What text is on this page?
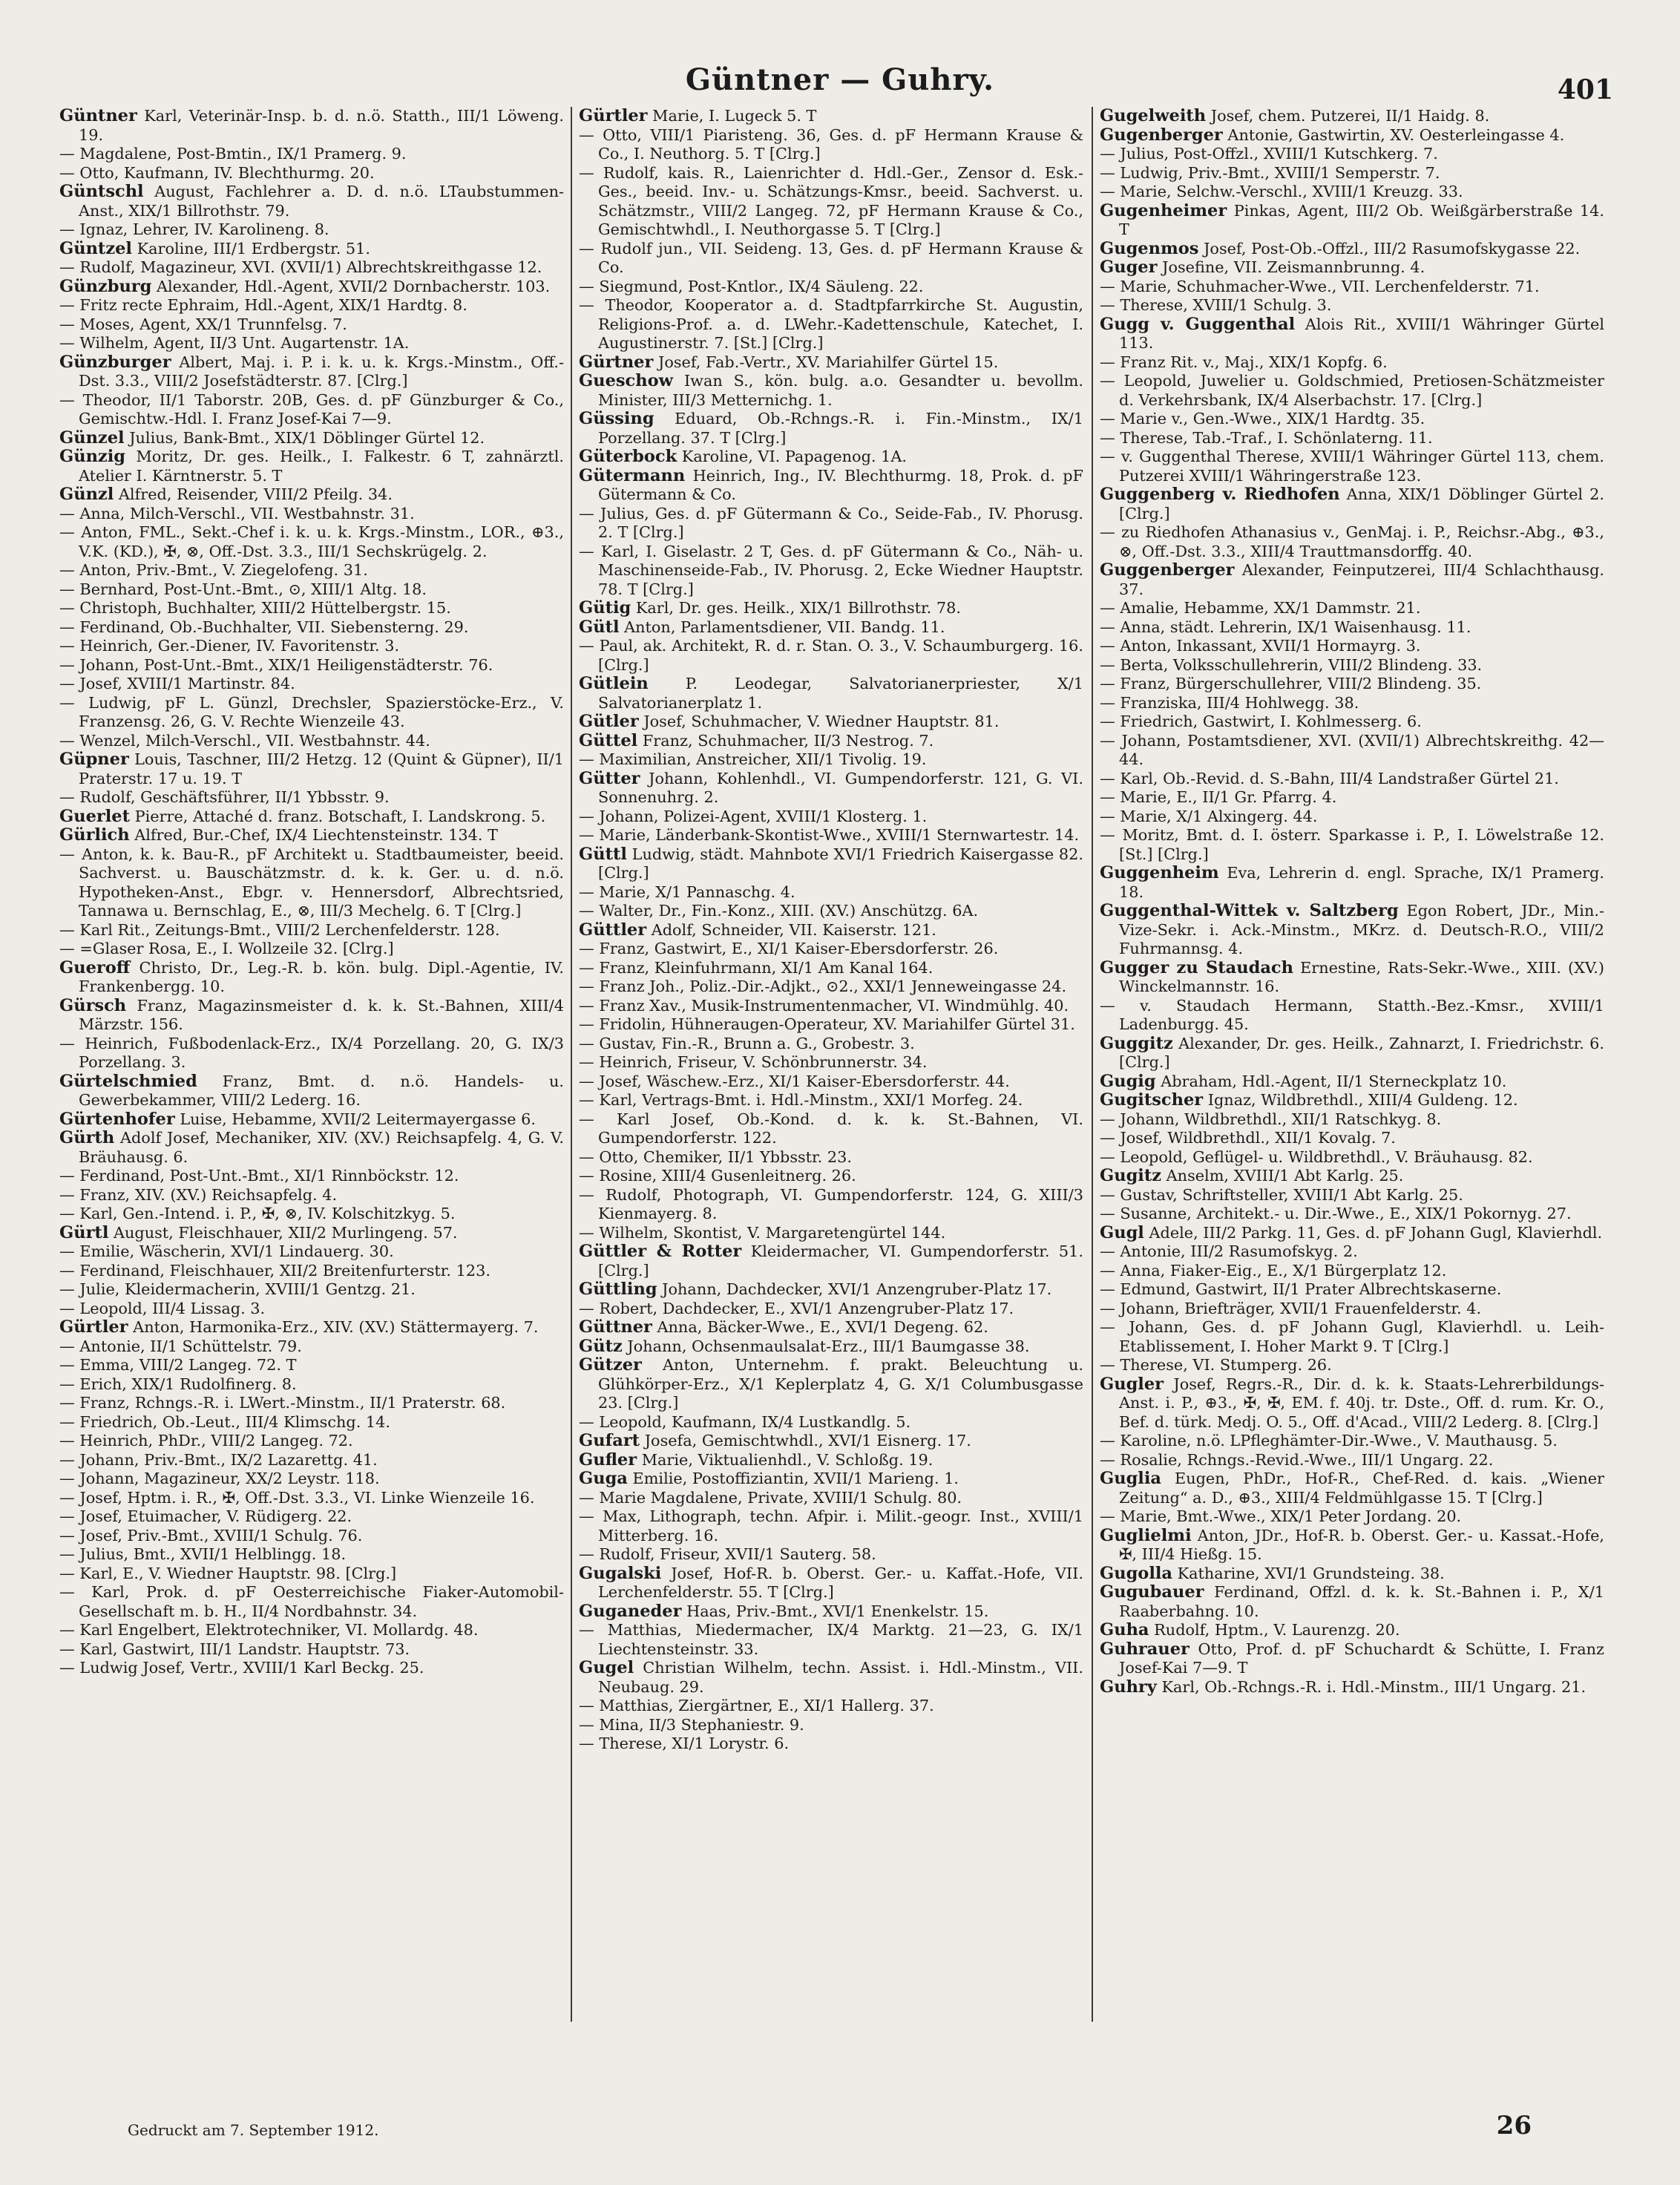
Güntner — Guhry.	401

Güntner Karl, Veterinär-Insp. b. d. n.ö. Statth., III/1 Löweng. 19.

— Magdalene, Post-Bmtin., IX/1 Pramerg. 9.

— Otto, Kaufmann, IV. Blechthurmg. 20.

Güntschl August, Fachlehrer a. D. d. n.ö. LTaubstummen-Anst., XIX/1 Billrothstr. 79.

— Ignaz, Lehrer, IV. Karolineng. 8.

Güntzel Karoline, III/1 Erdbergstr. 51.

— Rudolf, Magazineur, XVI. (XVII/1) Albrechtskreithgasse 12.

Günzburg Alexander, Hdl.-Agent, XVII/2 Dornbacherstr. 103.

— Fritz recte Ephraim, Hdl.-Agent, XIX/1 Hardtg. 8.

— Moses, Agent, XX/1 Trunnfelsg. 7.

— Wilhelm, Agent, II/3 Unt. Augartenstr. 1A.

Günzburger Albert, Maj. i. P. i. k. u. k. Krgs.-Minstm., Off.-Dst. 3.3., VIII/2 Josefstädterstr. 87. [Clrg.]

— Theodor, II/1 Taborstr. 20B, Ges. d. pF Günzburger & Co., Gemischtw.-Hdl. I. Franz Josef-Kai 7—9.

Günzel Julius, Bank-Bmt., XIX/1 Döblinger Gürtel 12.

Günzig Moritz, Dr. ges. Heilk., I. Falkestr. 6 T, zahnärztl. Atelier I. Kärntnerstr. 5. T

Günzl Alfred, Reisender, VIII/2 Pfeilg. 34.

— Anna, Milch-Verschl., VII. Westbahnstr. 31.

— Anton, FML., Sekt.-Chef i. k. u. k. Krgs.-Minstm., LOR., ⊕3., V.K. (KD.), ✠, ⊗, Off.-Dst. 3.3., III/1 Sechskrügelg. 2.

— Anton, Priv.-Bmt., V. Ziegelofeng. 31.

— Bernhard, Post-Unt.-Bmt., ⊙, XIII/1 Altg. 18.

— Christoph, Buchhalter, XIII/2 Hüttelbergstr. 15.

— Ferdinand, Ob.-Buchhalter, VII. Siebensterng. 29.

— Heinrich, Ger.-Diener, IV. Favoritenstr. 3.

— Johann, Post-Unt.-Bmt., XIX/1 Heiligenstädterstr. 76.

— Josef, XVIII/1 Martinstr. 84.

— Ludwig, pF L. Günzl, Drechsler, Spazierstöcke-Erz., V. Franzensg. 26, G. V. Rechte Wienzeile 43.

— Wenzel, Milch-Verschl., VII. Westbahnstr. 44.

Güpner Louis, Taschner, III/2 Hetzg. 12 (Quint & Güpner), II/1 Praterstr. 17 u. 19. T

— Rudolf, Geschäftsführer, II/1 Ybbsstr. 9.

Guerlet Pierre, Attaché d. franz. Botschaft, I. Landskrong. 5.

Gürlich Alfred, Bur.-Chef, IX/4 Liechtensteinstr. 134. T

— Anton, k. k. Bau-R., pF Architekt u. Stadtbaumeister, beeid. Sachverst. u. Bauschätzmstr. d. k. k. Ger. u. d. n.ö. Hypotheken-Anst., Ebgr. v. Hennersdorf, Albrechtsried, Tannawa u. Bernschlag, E., ⊗, III/3 Mechelg. 6. T [Clrg.]

— Karl Rit., Zeitungs-Bmt., VIII/2 Lerchenfelderstr. 128.

— =Glaser Rosa, E., I. Wollzeile 32. [Clrg.]

Gueroff Christo, Dr., Leg.-R. b. kön. bulg. Dipl.-Agentie, IV. Frankenbergg. 10.

Gürsch Franz, Magazinsmeister d. k. k. St.-Bahnen, XIII/4 Märzstr. 156.

— Heinrich, Fußbodenlack-Erz., IX/4 Porzellang. 20, G. IX/3 Porzellang. 3.

Gürtelschmied Franz, Bmt. d. n.ö. Handels- u. Gewerbekammer, VIII/2 Lederg. 16.

Gürtenhofer Luise, Hebamme, XVII/2 Leitermayergasse 6.

Gürth Adolf Josef, Mechaniker, XIV. (XV.) Reichsapfelg. 4, G. V. Bräuhausg. 6.

— Ferdinand, Post-Unt.-Bmt., XI/1 Rinnböckstr. 12.

— Franz, XIV. (XV.) Reichsapfelg. 4.

— Karl, Gen.-Intend. i. P., ✠, ⊗, IV. Kolschitzkyg. 5.

Gürtl August, Fleischhauer, XII/2 Murlingeng. 57.

— Emilie, Wäscherin, XVI/1 Lindauerg. 30.

— Ferdinand, Fleischhauer, XII/2 Breitenfurterstr. 123.

— Julie, Kleidermacherin, XVIII/1 Gentzg. 21.

— Leopold, III/4 Lissag. 3.

Gürtler Anton, Harmonika-Erz., XIV. (XV.) Stättermayerg. 7.

— Antonie, II/1 Schüttelstr. 79.

— Emma, VIII/2 Langeg. 72. T

— Erich, XIX/1 Rudolfinerg. 8.

— Franz, Rchngs.-R. i. LWert.-Minstm., II/1 Praterstr. 68.

— Friedrich, Ob.-Leut., III/4 Klimschg. 14.

— Heinrich, PhDr., VIII/2 Langeg. 72.

— Johann, Priv.-Bmt., IX/2 Lazarettg. 41.

— Johann, Magazineur, XX/2 Leystr. 118.

— Josef, Hptm. i. R., ✠, Off.-Dst. 3.3., VI. Linke Wienzeile 16.

— Josef, Etuimacher, V. Rüdigerg. 22.

— Josef, Priv.-Bmt., XVIII/1 Schulg. 76.

— Julius, Bmt., XVII/1 Helblingg. 18.

— Karl, E., V. Wiedner Hauptstr. 98. [Clrg.]

— Karl, Prok. d. pF Oesterreichische Fiaker-Automobil-Gesellschaft m. b. H., II/4 Nordbahnstr. 34.

— Karl Engelbert, Elektrotechniker, VI. Mollardg. 48.

— Karl, Gastwirt, III/1 Landstr. Hauptstr. 73.

— Ludwig Josef, Vertr., XVIII/1 Karl Beckg. 25.

Gürtler Marie, I. Lugeck 5. T

— Otto, VIII/1 Piaristeng. 36, Ges. d. pF Hermann Krause & Co., I. Neuthorg. 5. T [Clrg.]

— Rudolf, kais. R., Laienrichter d. Hdl.-Ger., Zensor d. Esk.-Ges., beeid. Inv.- u. Schätzungs-Kmsr., beeid. Sachverst. u. Schätzmstr., VIII/2 Langeg. 72, pF Hermann Krause & Co., Gemischtwhdl., I. Neuthorgasse 5. T [Clrg.]

— Rudolf jun., VII. Seideng. 13, Ges. d. pF Hermann Krause & Co.

— Siegmund, Post-Kntlor., IX/4 Säuleng. 22.

— Theodor, Kooperator a. d. Stadtpfarrkirche St. Augustin, Religions-Prof. a. d. LWehr.-Kadettenschule, Katechet, I. Augustinerstr. 7. [St.] [Clrg.]

Gürtner Josef, Fab.-Vertr., XV. Mariahilfer Gürtel 15.

Gueschow Iwan S., kön. bulg. a.o. Gesandter u. bevollm. Minister, III/3 Metternichg. 1.

Güssing Eduard, Ob.-Rchngs.-R. i. Fin.-Minstm., IX/1 Porzellang. 37. T [Clrg.]

Güterbock Karoline, VI. Papagenog. 1A.

Gütermann Heinrich, Ing., IV. Blechthurmg. 18, Prok. d. pF Gütermann & Co.

— Julius, Ges. d. pF Gütermann & Co., Seide-Fab., IV. Phorusg. 2. T [Clrg.]

— Karl, I. Giselastr. 2 T, Ges. d. pF Gütermann & Co., Näh- u. Maschinenseide-Fab., IV. Phorusg. 2, Ecke Wiedner Hauptstr. 78. T [Clrg.]

Gütig Karl, Dr. ges. Heilk., XIX/1 Billrothstr. 78.

Gütl Anton, Parlamentsdiener, VII. Bandg. 11.

— Paul, ak. Architekt, R. d. r. Stan. O. 3., V. Schaumburgerg. 16. [Clrg.]

Gütlein P. Leodegar, Salvatorianerpriester, X/1 Salvatorianerplatz 1.

Gütler Josef, Schuhmacher, V. Wiedner Hauptstr. 81.

Güttel Franz, Schuhmacher, II/3 Nestrog. 7.

— Maximilian, Anstreicher, XII/1 Tivolig. 19.

Gütter Johann, Kohlenhdl., VI. Gumpendorferstr. 121, G. VI. Sonnenuhrg. 2.

— Johann, Polizei-Agent, XVIII/1 Klosterg. 1.

— Marie, Länderbank-Skontist-Wwe., XVIII/1 Sternwartestr. 14.

Güttl Ludwig, städt. Mahnbote XVI/1 Friedrich Kaisergasse 82. [Clrg.]

— Marie, X/1 Pannaschg. 4.

— Walter, Dr., Fin.-Konz., XIII. (XV.) Anschützg. 6A.

Güttler Adolf, Schneider, VII. Kaiserstr. 121.

— Franz, Gastwirt, E., XI/1 Kaiser-Ebersdorferstr. 26.

— Franz, Kleinfuhrmann, XI/1 Am Kanal 164.

— Franz Joh., Poliz.-Dir.-Adjkt., ⊙2., XXI/1 Jenneweingasse 24.

— Franz Xav., Musik-Instrumentenmacher, VI. Windmühlg. 40.

— Fridolin, Hühneraugen-Operateur, XV. Mariahilfer Gürtel 31.

— Gustav, Fin.-R., Brunn a. G., Grobestr. 3.

— Heinrich, Friseur, V. Schönbrunnerstr. 34.

— Josef, Wäschew.-Erz., XI/1 Kaiser-Ebersdorferstr. 44.

— Karl, Vertrags-Bmt. i. Hdl.-Minstm., XXI/1 Morfeg. 24.

— Karl Josef, Ob.-Kond. d. k. k. St.-Bahnen, VI. Gumpendorferstr. 122.

— Otto, Chemiker, II/1 Ybbsstr. 23.

— Rosine, XIII/4 Gusenleitnerg. 26.

— Rudolf, Photograph, VI. Gumpendorferstr. 124, G. XIII/3 Kienmayerg. 8.

— Wilhelm, Skontist, V. Margaretengürtel 144.

Güttler & Rotter Kleidermacher, VI. Gumpendorferstr. 51. [Clrg.]

Güttling Johann, Dachdecker, XVI/1 Anzengruber-Platz 17.

— Robert, Dachdecker, E., XVI/1 Anzengruber-Platz 17.

Güttner Anna, Bäcker-Wwe., E., XVI/1 Degeng. 62.

Gütz Johann, Ochsenmaulsalat-Erz., III/1 Baumgasse 38.

Gützer Anton, Unternehm. f. prakt. Beleuchtung u. Glühkörper-Erz., X/1 Keplerplatz 4, G. X/1 Columbusgasse 23. [Clrg.]

— Leopold, Kaufmann, IX/4 Lustkandlg. 5.

Gufart Josefa, Gemischtwhdl., XVI/1 Eisnerg. 17.

Gufler Marie, Viktualienhdl., V. Schloßg. 19.

Guga Emilie, Postoffiziantin, XVII/1 Marieng. 1.

— Marie Magdalene, Private, XVIII/1 Schulg. 80.

— Max, Lithograph, techn. Afpir. i. Milit.-geogr. Inst., XVIII/1 Mitterberg. 16.

— Rudolf, Friseur, XVII/1 Sauterg. 58.

Gugalski Josef, Hof-R. b. Oberst. Ger.- u. Kaffat.-Hofe, VII. Lerchenfelderstr. 55. T [Clrg.]

Guganeder Haas, Priv.-Bmt., XVI/1 Enenkelstr. 15.

— Matthias, Miedermacher, IX/4 Marktg. 21—23, G. IX/1 Liechtensteinstr. 33.

Gugel Christian Wilhelm, techn. Assist. i. Hdl.-Minstm., VII. Neubaug. 29.

— Matthias, Ziergärtner, E., XI/1 Hallerg. 37.

— Mina, II/3 Stephaniestr. 9.

— Therese, XI/1 Lorystr. 6.

Gugelweith Josef, chem. Putzerei, II/1 Haidg. 8.

Gugenberger Antonie, Gastwirtin, XV. Oesterleingasse 4.

— Julius, Post-Offzl., XVIII/1 Kutschkerg. 7.

— Ludwig, Priv.-Bmt., XVIII/1 Semperstr. 7.

— Marie, Selchw.-Verschl., XVIII/1 Kreuzg. 33.

Gugenheimer Pinkas, Agent, III/2 Ob. Weißgärberstraße 14. T

Gugenmos Josef, Post-Ob.-Offzl., III/2 Rasumofskygasse 22.

Guger Josefine, VII. Zeismannbrunng. 4.

— Marie, Schuhmacher-Wwe., VII. Lerchenfelderstr. 71.

— Therese, XVIII/1 Schulg. 3.

Gugg v. Guggenthal Alois Rit., XVIII/1 Währinger Gürtel 113.

— Franz Rit. v., Maj., XIX/1 Kopfg. 6.

— Leopold, Juwelier u. Goldschmied, Pretiosen-Schätzmeister d. Verkehrsbank, IX/4 Alserbachstr. 17. [Clrg.]

— Marie v., Gen.-Wwe., XIX/1 Hardtg. 35.

— Therese, Tab.-Traf., I. Schönlaterng. 11.

— v. Guggenthal Therese, XVIII/1 Währinger Gürtel 113, chem. Putzerei XVIII/1 Währingerstraße 123.

Guggenberg v. Riedhofen Anna, XIX/1 Döblinger Gürtel 2. [Clrg.]

— zu Riedhofen Athanasius v., GenMaj. i. P., Reichsr.-Abg., ⊕3., ⊗, Off.-Dst. 3.3., XIII/4 Trauttmansdorffg. 40.

Guggenberger Alexander, Feinputzerei, III/4 Schlachthausg. 37.

— Amalie, Hebamme, XX/1 Dammstr. 21.

— Anna, städt. Lehrerin, IX/1 Waisenhausg. 11.

— Anton, Inkassant, XVII/1 Hormayrg. 3.

— Berta, Volksschullehrerin, VIII/2 Blindeng. 33.

— Franz, Bürgerschullehrer, VIII/2 Blindeng. 35.

— Franziska, III/4 Hohlwegg. 38.

— Friedrich, Gastwirt, I. Kohlmesserg. 6.

— Johann, Postamtsdiener, XVI. (XVII/1) Albrechtskreithg. 42—44.

— Karl, Ob.-Revid. d. S.-Bahn, III/4 Landstraßer Gürtel 21.

— Marie, E., II/1 Gr. Pfarrg. 4.

— Marie, X/1 Alxingerg. 44.

— Moritz, Bmt. d. I. österr. Sparkasse i. P., I. Löwelstraße 12. [St.] [Clrg.]

Guggenheim Eva, Lehrerin d. engl. Sprache, IX/1 Pramerg. 18.

Guggenthal-Wittek v. Saltzberg Egon Robert, JDr., Min.-Vize-Sekr. i. Ack.-Minstm., MKrz. d. Deutsch-R.O., VIII/2 Fuhrmannsg. 4.

Gugger zu Staudach Ernestine, Rats-Sekr.-Wwe., XIII. (XV.) Winckelmannstr. 16.

— v. Staudach Hermann, Statth.-Bez.-Kmsr., XVIII/1 Ladenburgg. 45.

Guggitz Alexander, Dr. ges. Heilk., Zahnarzt, I. Friedrichstr. 6. [Clrg.]

Gugig Abraham, Hdl.-Agent, II/1 Sterneckplatz 10.

Gugitscher Ignaz, Wildbrethdl., XIII/4 Guldeng. 12.

— Johann, Wildbrethdl., XII/1 Ratschkyg. 8.

— Josef, Wildbrethdl., XII/1 Kovalg. 7.

— Leopold, Geflügel- u. Wildbrethdl., V. Bräuhausg. 82.

Gugitz Anselm, XVIII/1 Abt Karlg. 25.

— Gustav, Schriftsteller, XVIII/1 Abt Karlg. 25.

— Susanne, Architekt.- u. Dir.-Wwe., E., XIX/1 Pokornyg. 27.

Gugl Adele, III/2 Parkg. 11, Ges. d. pF Johann Gugl, Klavierhdl.

— Antonie, III/2 Rasumofskyg. 2.

— Anna, Fiaker-Eig., E., X/1 Bürgerplatz 12.

— Edmund, Gastwirt, II/1 Prater Albrechtskaserne.

— Johann, Briefträger, XVII/1 Frauenfelderstr. 4.

— Johann, Ges. d. pF Johann Gugl, Klavierhdl. u. Leih-Etablissement, I. Hoher Markt 9. T [Clrg.]

— Therese, VI. Stumperg. 26.

Gugler Josef, Regrs.-R., Dir. d. k. k. Staats-Lehrerbildungs-Anst. i. P., ⊕3., ✠, ✠, EM. f. 40j. tr. Dste., Off. d. rum. Kr. O., Bef. d. türk. Medj. O. 5., Off. d'Acad., VIII/2 Lederg. 8. [Clrg.]

— Karoline, n.ö. LPfleghämter-Dir.-Wwe., V. Mauthausg. 5.

— Rosalie, Rchngs.-Revid.-Wwe., III/1 Ungarg. 22.

Guglia Eugen, PhDr., Hof-R., Chef-Red. d. kais. „Wiener Zeitung“ a. D., ⊕3., XIII/4 Feldmühlgasse 15. T [Clrg.]

— Marie, Bmt.-Wwe., XIX/1 Peter Jordang. 20.

Guglielmi Anton, JDr., Hof-R. b. Oberst. Ger.- u. Kassat.-Hofe, ✠, III/4 Hießg. 15.

Gugolla Katharine, XVI/1 Grundsteing. 38.

Gugubauer Ferdinand, Offzl. d. k. k. St.-Bahnen i. P., X/1 Raaberbahng. 10.

Guha Rudolf, Hptm., V. Laurenzg. 20.

Guhrauer Otto, Prof. d. pF Schuchardt & Schütte, I. Franz Josef-Kai 7—9. T

Guhry Karl, Ob.-Rchngs.-R. i. Hdl.-Minstm., III/1 Ungarg. 21.

Gedruckt am 7. September 1912.	26
